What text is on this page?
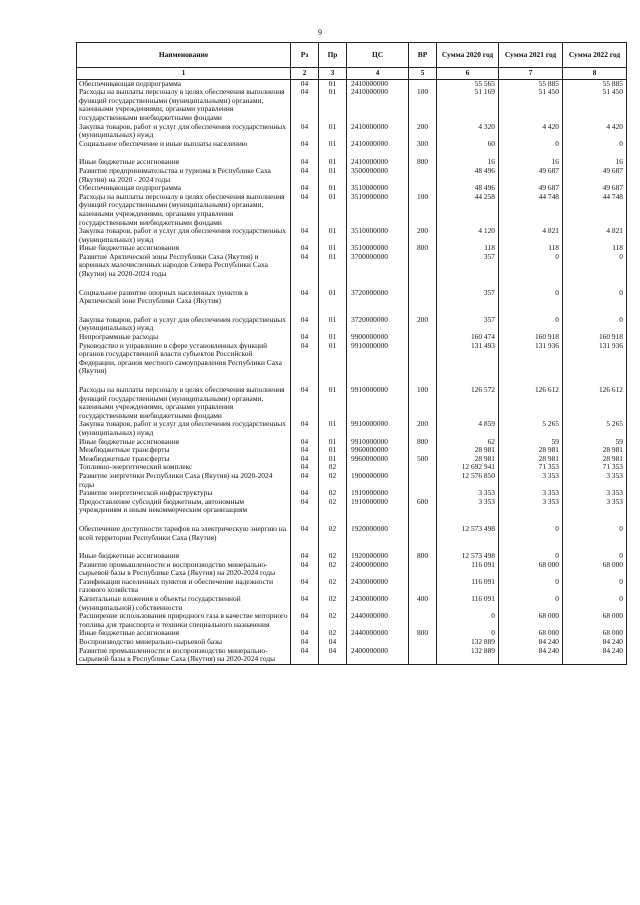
9
Наименование	Рз	Пр	ЦС	ВР	Сумма 2020 год	Сумма 2021 год	Сумма 2022 год
1	2	3	4	5	6	7	8
Обеспечивающая подпрограмма	04	01	2410000000		55 565	55 885	55 885
Расходы на выплаты персоналу в целях обеспечения выполнения функций государственными (муниципальными) органами, казенными учреждениями, органами управления государственными внебюджетными фондами	04	01	2410000000	100	51 169	51 450	51 450
Закупка товаров, работ и услуг для обеспечения государственных (муниципальных) нужд	04	01	2410000000	200	4 320	4 420	4 420
Социальное обеспечение и иные выплаты населению	04	01	2410000000	300	60	0	0

Иные бюджетные ассигнования	04	01	2410000000	800	16	16	16
Развитие предпринимательства и туризма в Республике Саха (Якутия) на 2020 - 2024 годы	04	01	3500000000		48 496	49 687	49 687
Обеспечивающая подпрограмма	04	01	3510000000		48 496	49 687	49 687
Расходы на выплаты персоналу в целях обеспечения выполнения функций государственными (муниципальными) органами, казенными учреждениями, органами управления государственными внебюджетными фондами	04	01	3510000000	100	44 258	44 748	44 748
Закупка товаров, работ и услуг для обеспечения государственных (муниципальных) нужд	04	01	3510000000	200	4 120	4 821	4 821
Иные бюджетные ассигнования	04	01	3510000000	800	118	118	118
Развитие Арктической зоны Республики Саха (Якутия) и коренных малочисленных народов Севера Республики Саха (Якутия) на 2020-2024 годы	04	01	3700000000		357	0	0

Социальное развитие опорных населенных пунктов в Арктической зоне Республики Саха (Якутия)	04	01	3720000000		357	0	0

Закупка товаров, работ и услуг для обеспечения государственных (муниципальных) нужд	04	01	3720000000	200	357	0	0
Непрограммные расходы	04	01	9900000000		160 474	160 918	160 918
Руководство и управление в сфере установленных функций органов государственной власти субъектов Российской Федерации, органов местного самоуправления Республики Саха (Якутия)	04	01	9910000000		131 493	131 936	131 936

Расходы на выплаты персоналу в целях обеспечения выполнения функций государственными (муниципальными) органами, казенными учреждениями, органами управления государственными внебюджетными фондами	04	01	9910000000	100	126 572	126 612	126 612
Закупка товаров, работ и услуг для обеспечения государственных (муниципальных) нужд	04	01	9910000000	200	4 859	5 265	5 265
Иные бюджетные ассигнования	04	01	9910000000	800	62	59	59
Межбюджетные трансферты	04	01	9960000000		28 981	28 981	28 981
Межбюджетные трансферты	04	01	9960000000	500	28 981	28 981	28 981
Топливно-энергетический комплекс	04	02			12 692 941	71 353	71 353
Развитие энергетики Республики Саха (Якутия) на 2020-2024 годы	04	02	1900000000		12 576 850	3 353	3 353
Развитие энергетической инфраструктуры	04	02	1910000000		3 353	3 353	3 353
Предоставление субсидий бюджетным, автономным учреждениям и иным некоммерческим организациям	04	02	1910000000	600	3 353	3 353	3 353

Обеспечение доступности тарифов на электрическую энергию на всей территории Республики Саха (Якутия)	04	02	1920000000		12 573 498	0	0

Иные бюджетные ассигнования	04	02	1920000000	800	12 573 498	0	0
Развитие промышленности и воспроизводство минерально-сырьевой базы в Республике Саха (Якутия) на 2020-2024 годы	04	02	2400000000		116 091	68 000	68 000
Газификация населенных пунктов и обеспечение надежности газового хозяйства	04	02	2430000000		116 091	0	0
Капитальные вложения в объекты государственной (муниципальной) собственности	04	02	2430000000	400	116 091	0	0
Расширение использования природного газа в качестве моторного топлива для транспорта и техники специального назначения	04	02	2440000000		0	68 000	68 000
Иные бюджетные ассигнования	04	02	2440000000	800	0	68 000	68 000
Воспроизводство минерально-сырьевой базы	04	04			132 889	84 240	84 240
Развитие промышленности и воспроизводство минерально-сырьевой базы в Республике Саха (Якутия) на 2020-2024 годы	04	04	2400000000		132 889	84 240	84 240
